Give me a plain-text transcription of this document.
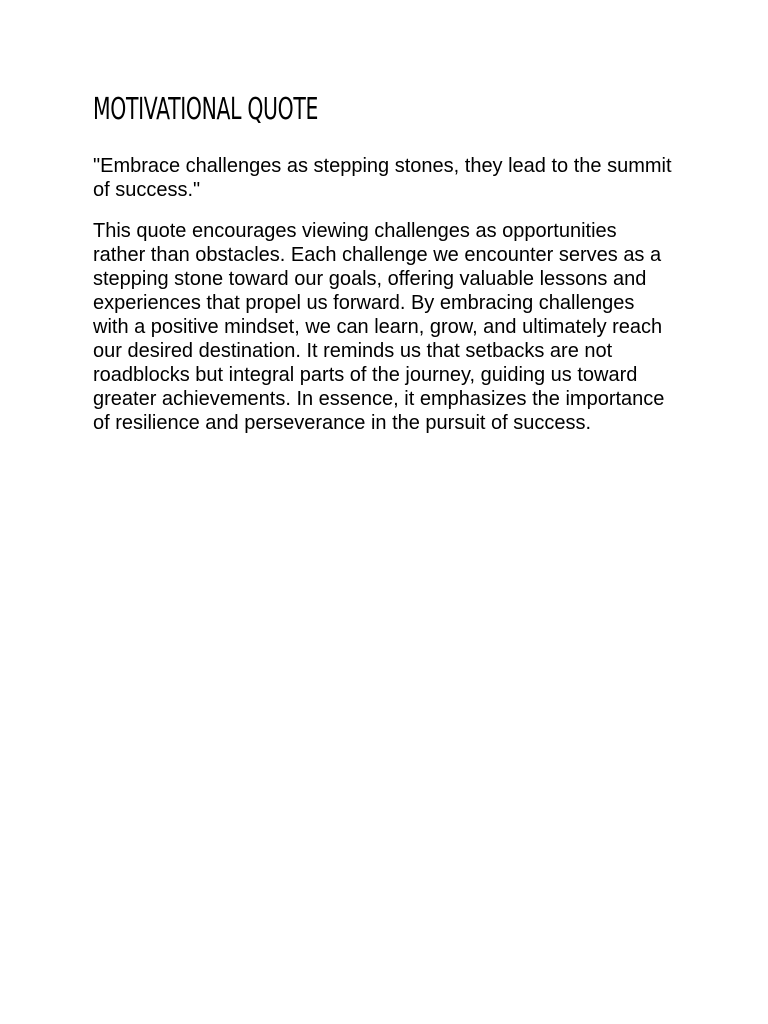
MOTIVATIONAL QUOTE

"Embrace challenges as stepping stones, they lead to the summit of success."

This quote encourages viewing challenges as opportunities rather than obstacles. Each challenge we encounter serves as a stepping stone toward our goals, offering valuable lessons and experiences that propel us forward. By embracing challenges with a positive mindset, we can learn, grow, and ultimately reach our desired destination. It reminds us that setbacks are not roadblocks but integral parts of the journey, guiding us toward greater achievements. In essence, it emphasizes the importance of resilience and perseverance in the pursuit of success.
